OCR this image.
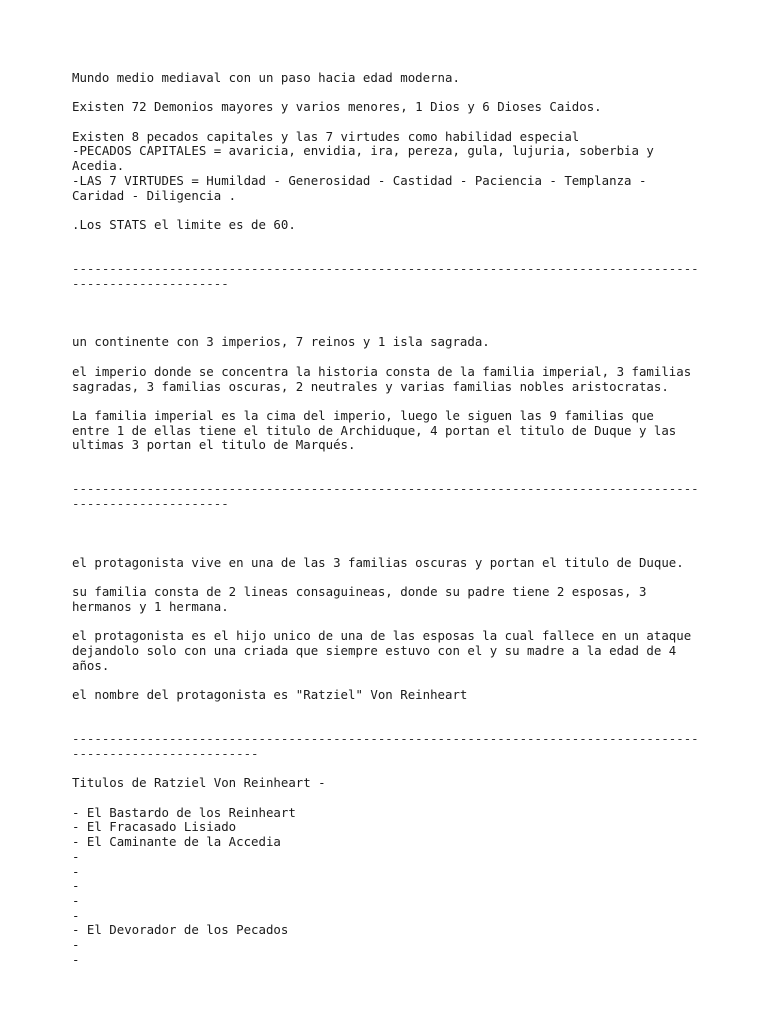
Mundo medio mediaval con un paso hacia edad moderna.
Existen 72 Demonios mayores y varios menores, 1 Dios y 6 Dioses Caidos.
Existen 8 pecados capitales y las 7 virtudes como habilidad especial
-PECADOS CAPITALES = avaricia, envidia, ira, pereza, gula, lujuria, soberbia y
Acedia.
-LAS 7 VIRTUDES = Humildad - Generosidad - Castidad - Paciencia - Templanza -
Caridad - Diligencia .
.Los STATS el limite es de 60.
------------------------------------------------------------------------------------
---------------------
un continente con 3 imperios, 7 reinos y 1 isla sagrada.
el imperio donde se concentra la historia consta de la familia imperial, 3 familias
sagradas, 3 familias oscuras, 2 neutrales y varias familias nobles aristocratas.
La familia imperial es la cima del imperio, luego le siguen las 9 familias que
entre 1 de ellas tiene el titulo de Archiduque, 4 portan el titulo de Duque y las
ultimas 3 portan el titulo de Marqués.
------------------------------------------------------------------------------------
---------------------
el protagonista vive en una de las 3 familias oscuras y portan el titulo de Duque.
su familia consta de 2 lineas consaguineas, donde su padre tiene 2 esposas, 3
hermanos y 1 hermana.
el protagonista es el hijo unico de una de las esposas la cual fallece en un ataque
dejandolo solo con una criada que siempre estuvo con el y su madre a la edad de 4
años.
el nombre del protagonista es "Ratziel" Von Reinheart
------------------------------------------------------------------------------------
-------------------------
Titulos de Ratziel Von Reinheart -
- El Bastardo de los Reinheart
- El Fracasado Lisiado
- El Caminante de la Accedia
-
-
-
-
-
- El Devorador de los Pecados
-
-
